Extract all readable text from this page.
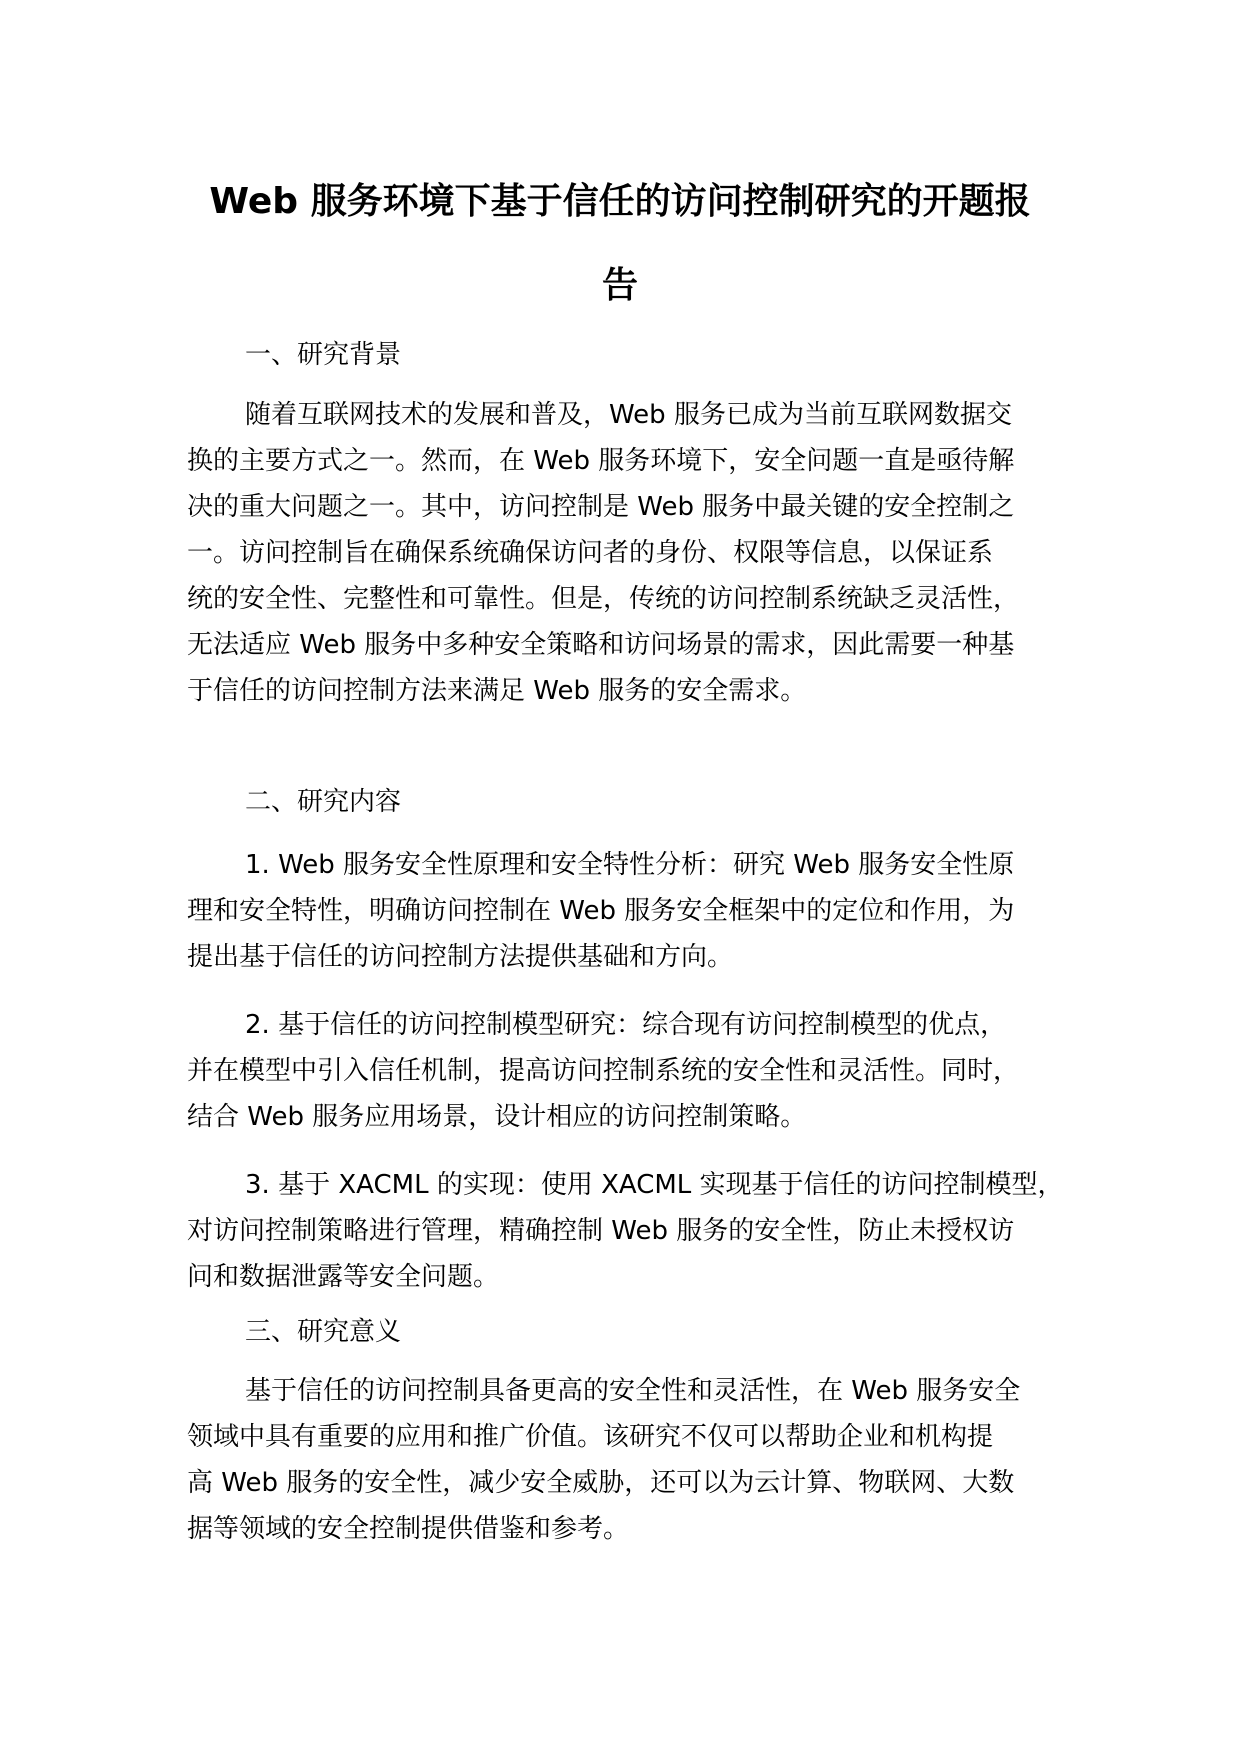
Web 服务环境下基于信任的访问控制研究的开题报
告
一、研究背景
随着互联网技术的发展和普及，Web 服务已成为当前互联网数据交
换的主要方式之一。然而，在 Web 服务环境下，安全问题一直是亟待解
决的重大问题之一。其中，访问控制是 Web 服务中最关键的安全控制之
一。访问控制旨在确保系统确保访问者的身份、权限等信息，以保证系
统的安全性、完整性和可靠性。但是，传统的访问控制系统缺乏灵活性，
无法适应 Web 服务中多种安全策略和访问场景的需求，因此需要一种基
于信任的访问控制方法来满足 Web 服务的安全需求。
二、研究内容
1. Web 服务安全性原理和安全特性分析：研究 Web 服务安全性原
理和安全特性，明确访问控制在 Web 服务安全框架中的定位和作用，为
提出基于信任的访问控制方法提供基础和方向。
2. 基于信任的访问控制模型研究：综合现有访问控制模型的优点，
并在模型中引入信任机制，提高访问控制系统的安全性和灵活性。同时，
结合 Web 服务应用场景，设计相应的访问控制策略。
3. 基于 XACML 的实现：使用 XACML 实现基于信任的访问控制模型，
对访问控制策略进行管理，精确控制 Web 服务的安全性，防止未授权访
问和数据泄露等安全问题。
三、研究意义
基于信任的访问控制具备更高的安全性和灵活性，在 Web 服务安全
领域中具有重要的应用和推广价值。该研究不仅可以帮助企业和机构提
高 Web 服务的安全性，减少安全威胁，还可以为云计算、物联网、大数
据等领域的安全控制提供借鉴和参考。
